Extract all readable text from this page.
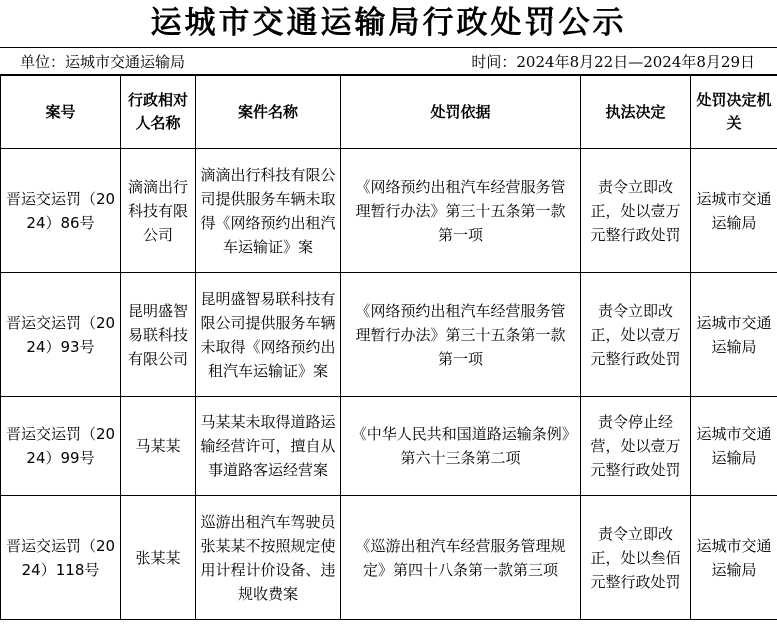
运城市交通运输局行政处罚公示
单位：运城市交通运输局	时间：2024年8月22日—2024年8月29日
案号	行政相对人名称	案件名称	处罚依据	执法决定	处罚决定机关
晋运交运罚（2024）86号	滴滴出行科技有限公司	滴滴出行科技有限公司提供服务车辆未取得《网络预约出租汽车运输证》案	《网络预约出租汽车经营服务管理暂行办法》第三十五条第一款第一项	责令立即改正，处以壹万元整行政处罚	运城市交通运输局
晋运交运罚（2024）93号	昆明盛智易联科技有限公司	昆明盛智易联科技有限公司提供服务车辆未取得《网络预约出租汽车运输证》案	《网络预约出租汽车经营服务管理暂行办法》第三十五条第一款第一项	责令立即改正，处以壹万元整行政处罚	运城市交通运输局
晋运交运罚（2024）99号	马某某	马某某未取得道路运输经营许可，擅自从事道路客运经营案	《中华人民共和国道路运输条例》第六十三条第二项	责令停止经营，处以壹万元整行政处罚	运城市交通运输局
晋运交运罚（2024）118号	张某某	巡游出租汽车驾驶员张某某不按照规定使用计程计价设备、违规收费案	《巡游出租汽车经营服务管理规定》第四十八条第一款第三项	责令立即改正，处以叁佰元整行政处罚	运城市交通运输局
